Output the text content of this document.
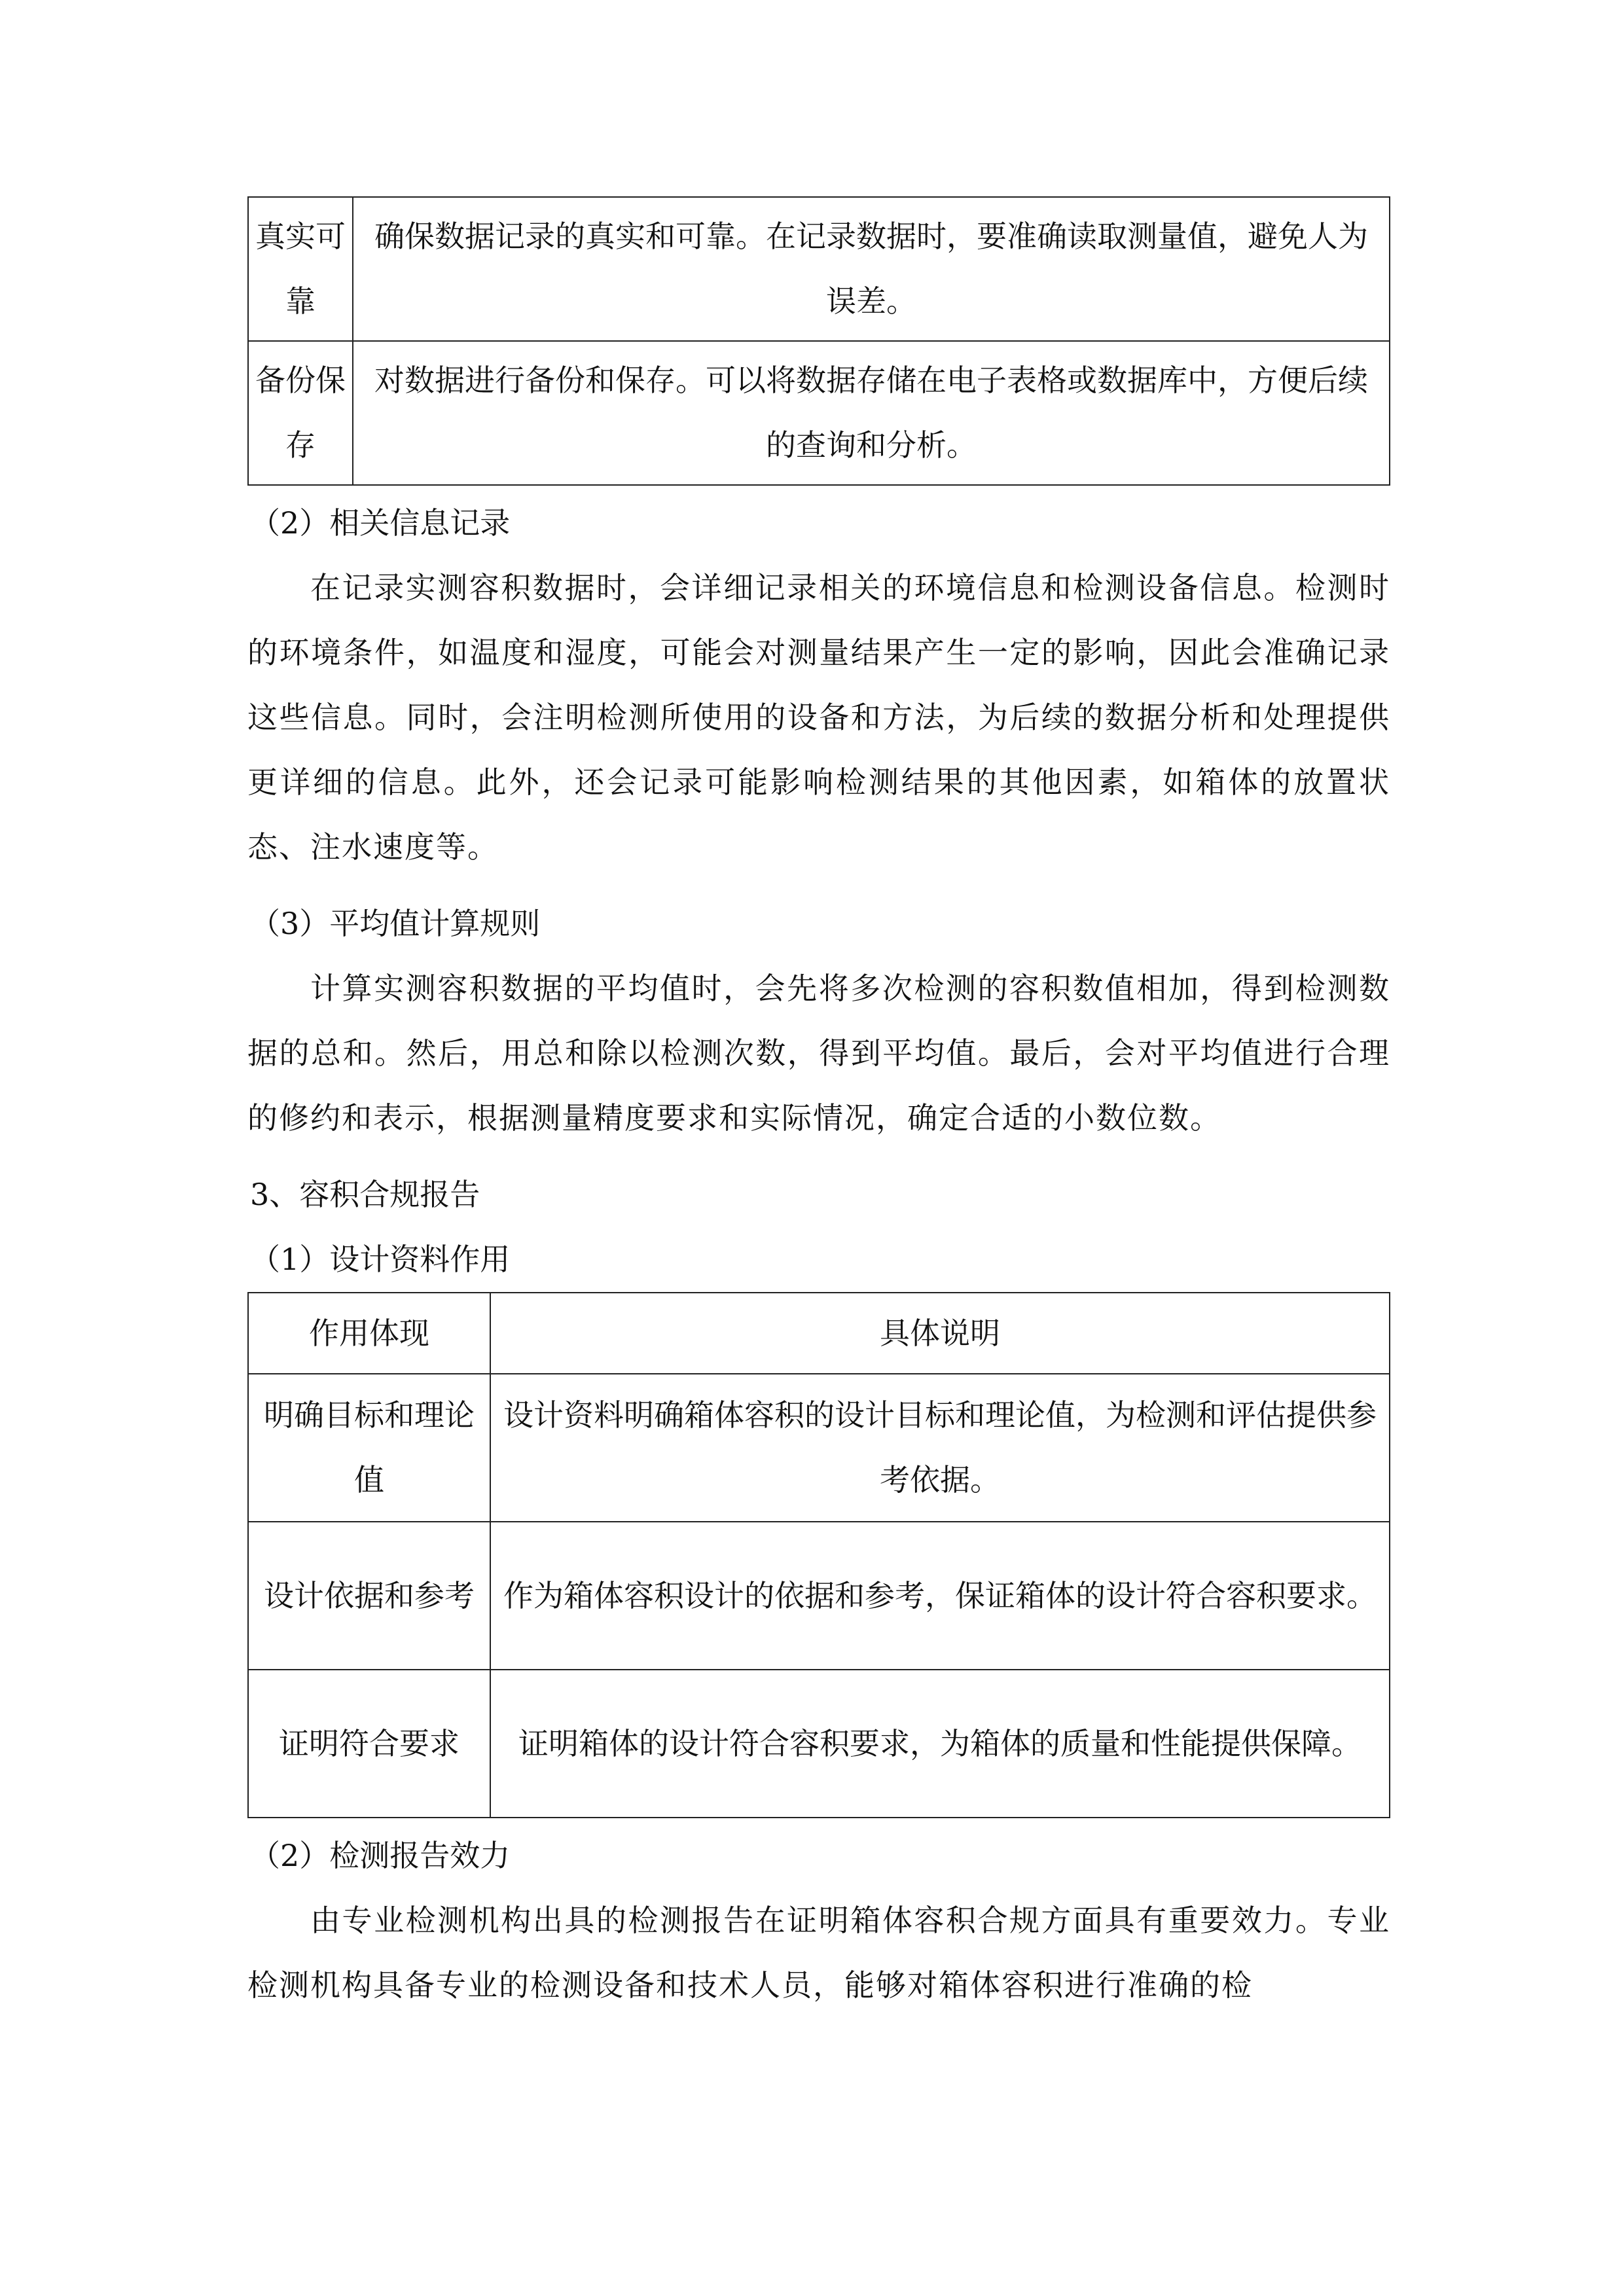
真实可靠	确保数据记录的真实和可靠。在记录数据时，要准确读取测量值，避免人为误差。
备份保存	对数据进行备份和保存。可以将数据存储在电子表格或数据库中，方便后续的查询和分析。

（2）相关信息记录

在记录实测容积数据时，会详细记录相关的环境信息和检测设备信息。检测时的环境条件，如温度和湿度，可能会对测量结果产生一定的影响，因此会准确记录这些信息。同时，会注明检测所使用的设备和方法，为后续的数据分析和处理提供更详细的信息。此外，还会记录可能影响检测结果的其他因素，如箱体的放置状态、注水速度等。

（3）平均值计算规则

计算实测容积数据的平均值时，会先将多次检测的容积数值相加，得到检测数据的总和。然后，用总和除以检测次数，得到平均值。最后，会对平均值进行合理的修约和表示，根据测量精度要求和实际情况，确定合适的小数位数。

3、容积合规报告

（1）设计资料作用

作用体现	具体说明
明确目标和理论值	设计资料明确箱体容积的设计目标和理论值，为检测和评估提供参考依据。
设计依据和参考	作为箱体容积设计的依据和参考，保证箱体的设计符合容积要求。
证明符合要求	证明箱体的设计符合容积要求，为箱体的质量和性能提供保障。

（2）检测报告效力

由专业检测机构出具的检测报告在证明箱体容积合规方面具有重要效力。专业检测机构具备专业的检测设备和技术人员，能够对箱体容积进行准确的检
